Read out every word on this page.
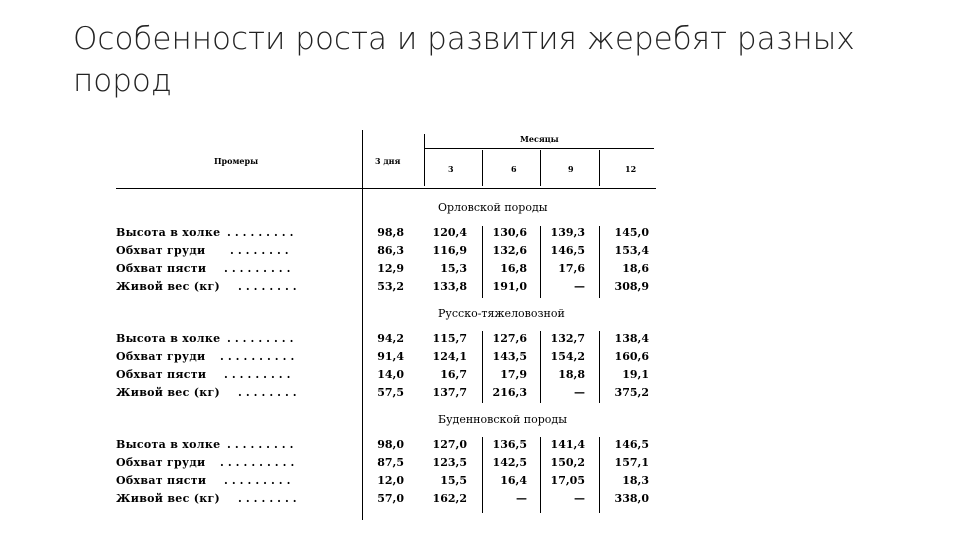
Особенности роста и развития жеребят разных пород
Промеры	3 дня
Месяцы
3	6	9	12
Орловской породы
Высота в холке .........	98,8	120,4	130,6	139,3	145,0
Обхват груди ........	86,3	116,9	132,6	146,5	153,4
Обхват пясти .........	12,9	15,3	16,8	17,6	18,6
Живой вес (кг) ........	53,2	133,8	191,0	—	308,9
Русско-тяжеловозной
Высота в холке .........	94,2	115,7	127,6	132,7	138,4
Обхват груди ..........	91,4	124,1	143,5	154,2	160,6
Обхват пясти .........	14,0	16,7	17,9	18,8	19,1
Живой вес (кг) ........	57,5	137,7	216,3	—	375,2
Буденновской породы
Высота в холке .........	98,0	127,0	136,5	141,4	146,5
Обхват груди ..........	87,5	123,5	142,5	150,2	157,1
Обхват пясти .........	12,0	15,5	16,4	17,05	18,3
Живой вес (кг) ........	57,0	162,2	—	—	338,0
